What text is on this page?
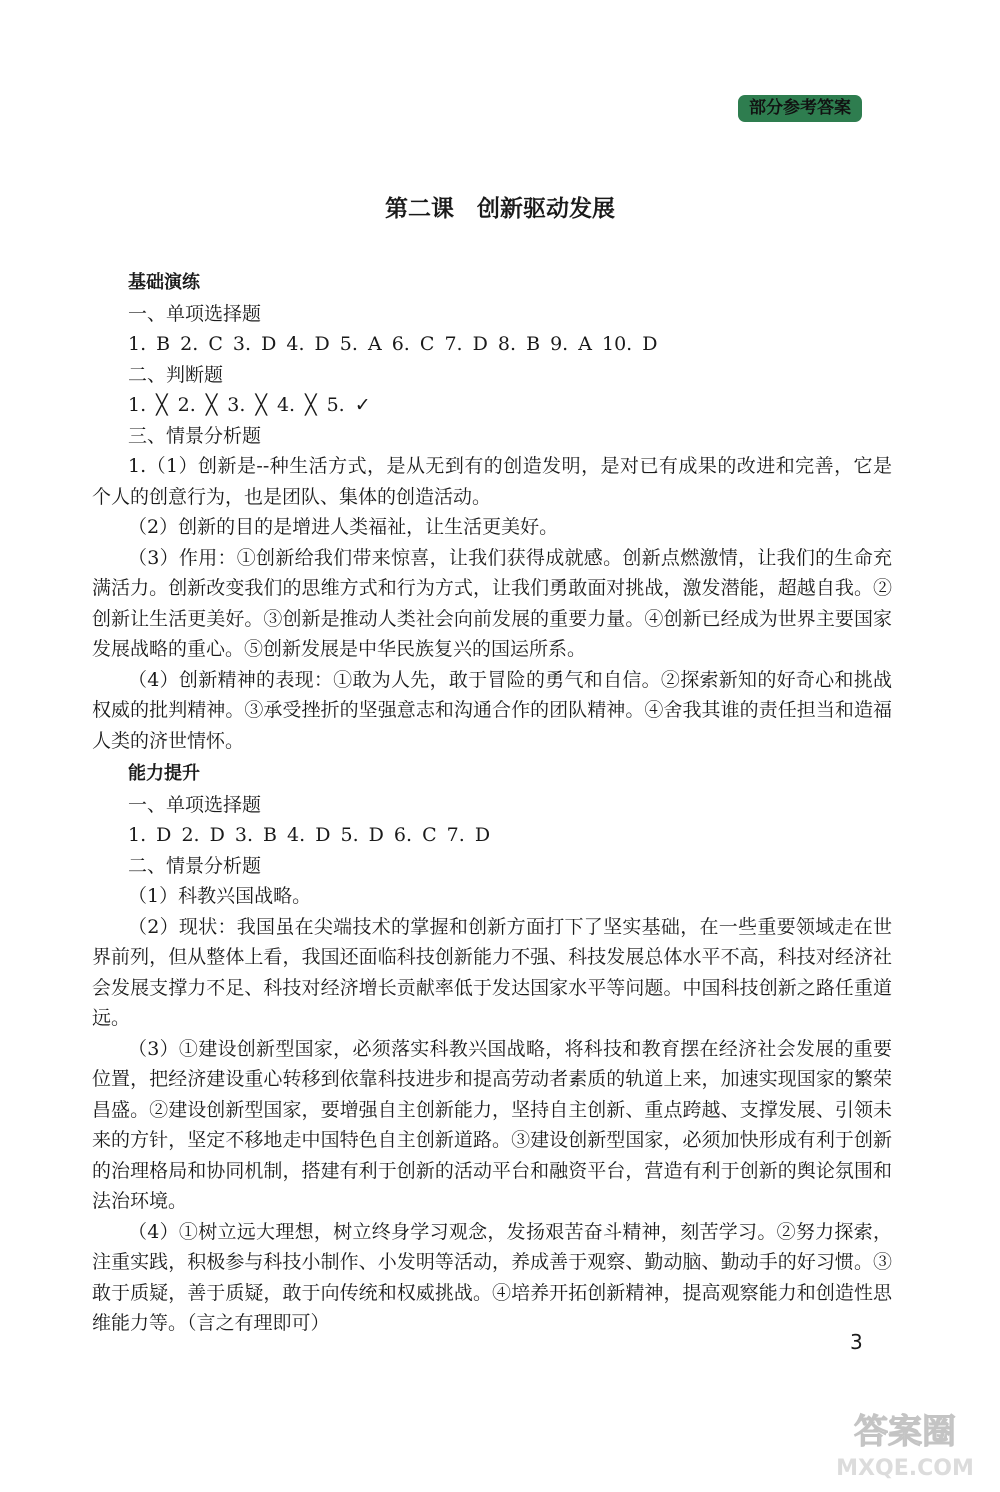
部分参考答案
第二课　创新驱动发展
基础演练
一、单项选择题
1. B 2. C 3. D 4. D 5. A 6. C 7. D 8. B 9. A 10. D
二、判断题
1. ╳ 2. ╳ 3. ╳ 4. ╳ 5. ✓
三、情景分析题

1.（1）创新是--种生活方式，是从无到有的创造发明，是对已有成果的改进和完善，它是个人的创意行为，也是团队、集体的创造活动。

（2）创新的目的是增进人类福祉，让生活更美好。

（3）作用：①创新给我们带来惊喜，让我们获得成就感。创新点燃激情，让我们的生命充满活力。创新改变我们的思维方式和行为方式，让我们勇敢面对挑战，激发潜能，超越自我。②创新让生活更美好。③创新是推动人类社会向前发展的重要力量。④创新已经成为世界主要国家发展战略的重心。⑤创新发展是中华民族复兴的国运所系。

（4）创新精神的表现：①敢为人先，敢于冒险的勇气和自信。②探索新知的好奇心和挑战权威的批判精神。③承受挫折的坚强意志和沟通合作的团队精神。④舍我其谁的责任担当和造福人类的济世情怀。

能力提升
一、单项选择题
1. D 2. D 3. B 4. D 5. D 6. C 7. D
二、情景分析题

（1）科教兴国战略。

（2）现状：我国虽在尖端技术的掌握和创新方面打下了坚实基础，在一些重要领域走在世界前列，但从整体上看，我国还面临科技创新能力不强、科技发展总体水平不高，科技对经济社会发展支撑力不足、科技对经济增长贡献率低于发达国家水平等问题。中国科技创新之路任重道远。

（3）①建设创新型国家，必须落实科教兴国战略，将科技和教育摆在经济社会发展的重要位置，把经济建设重心转移到依靠科技进步和提高劳动者素质的轨道上来，加速实现国家的繁荣昌盛。②建设创新型国家，要增强自主创新能力，坚持自主创新、重点跨越、支撑发展、引领未来的方针，坚定不移地走中国特色自主创新道路。③建设创新型国家，必须加快形成有利于创新的治理格局和协同机制，搭建有利于创新的活动平台和融资平台，营造有利于创新的舆论氛围和法治环境。

（4）①树立远大理想，树立终身学习观念，发扬艰苦奋斗精神，刻苦学习。②努力探索，注重实践，积极参与科技小制作、小发明等活动，养成善于观察、勤动脑、勤动手的好习惯。③敢于质疑，善于质疑，敢于向传统和权威挑战。④培养开拓创新精神，提高观察能力和创造性思维能力等。（言之有理即可）

3
答案圈
MXQE.COM
